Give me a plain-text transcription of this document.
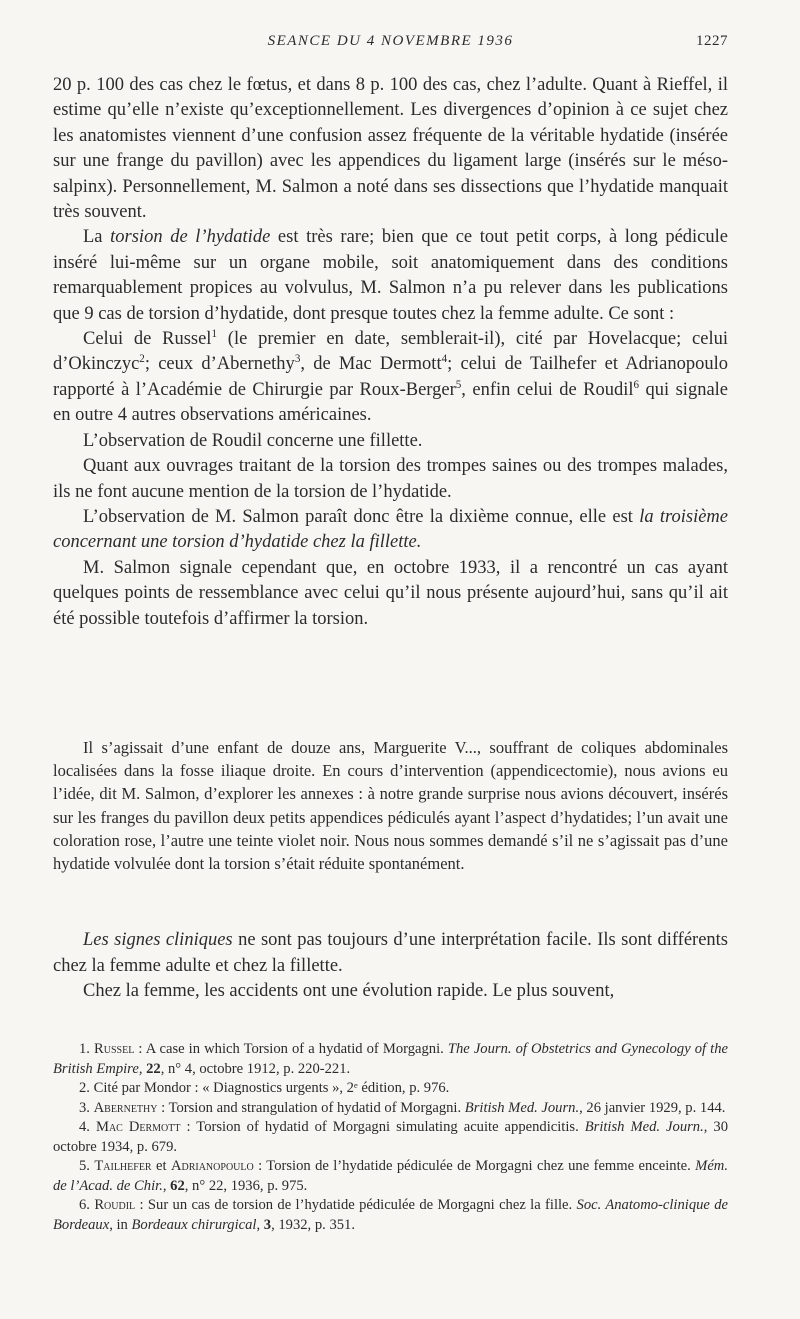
SEANCE DU 4 NOVEMBRE 1936	1227

20 p. 100 des cas chez le fœtus, et dans 8 p. 100 des cas, chez l’adulte. Quant à Rieffel, il estime qu’elle n’existe qu’exceptionnellement. Les divergences d’opinion à ce sujet chez les anatomistes viennent d’une confusion assez fréquente de la véritable hydatide (insérée sur une frange du pavillon) avec les appendices du ligament large (insérés sur le méso-salpinx). Personnellement, M. Salmon a noté dans ses dissections que l’hydatide manquait très souvent.

La torsion de l’hydatide est très rare; bien que ce tout petit corps, à long pédicule inséré lui-même sur un organe mobile, soit anatomiquement dans des conditions remarquablement propices au volvulus, M. Salmon n’a pu relever dans les publications que 9 cas de torsion d’hydatide, dont presque toutes chez la femme adulte. Ce sont :

Celui de Russel$^1$ (le premier en date, semblerait-il), cité par Hovelacque; celui d’Okinczyc$^2$; ceux d’Abernethy$^3$, de Mac Dermott$^4$; celui de Tailhefer et Adrianopoulo rapporté à l’Académie de Chirurgie par Roux-Berger$^5$, enfin celui de Roudil$^6$ qui signale en outre 4 autres observations américaines.

L’observation de Roudil concerne une fillette.

Quant aux ouvrages traitant de la torsion des trompes saines ou des trompes malades, ils ne font aucune mention de la torsion de l’hydatide.

L’observation de M. Salmon paraît donc être la dixième connue, elle est la troisième concernant une torsion d’hydatide chez la fillette.

M. Salmon signale cependant que, en octobre 1933, il a rencontré un cas ayant quelques points de ressemblance avec celui qu’il nous présente aujourd’hui, sans qu’il ait été possible toutefois d’affirmer la torsion.

Il s’agissait d’une enfant de douze ans, Marguerite V..., souffrant de coliques abdominales localisées dans la fosse iliaque droite. En cours d’intervention (appendicectomie), nous avions eu l’idée, dit M. Salmon, d’explorer les annexes : à notre grande surprise nous avions découvert, insérés sur les franges du pavillon deux petits appendices pédiculés ayant l’aspect d’hydatides; l’un avait une coloration rose, l’autre une teinte violet noir. Nous nous sommes demandé s’il ne s’agissait pas d’une hydatide volvulée dont la torsion s’était réduite spontanément.

Les signes cliniques ne sont pas toujours d’une interprétation facile. Ils sont différents chez la femme adulte et chez la fillette.

Chez la femme, les accidents ont une évolution rapide. Le plus souvent,

1. Russel : A case in which Torsion of a hydatid of Morgagni. The Journ. of Obstetrics and Gynecology of the British Empire, 22, n° 4, octobre 1912, p. 220-221.

2. Cité par Mondor : « Diagnostics urgents », 2ᵉ édition, p. 976.

3. Abernethy : Torsion and strangulation of hydatid of Morgagni. British Med. Journ., 26 janvier 1929, p. 144.

4. Mac Dermott : Torsion of hydatid of Morgagni simulating acuite appendicitis. British Med. Journ., 30 octobre 1934, p. 679.

5. Tailhefer et Adrianopoulo : Torsion de l’hydatide pédiculée de Morgagni chez une femme enceinte. Mém. de l’Acad. de Chir., 62, n° 22, 1936, p. 975.

6. Roudil : Sur un cas de torsion de l’hydatide pédiculée de Morgagni chez la fille. Soc. Anatomo-clinique de Bordeaux, in Bordeaux chirurgical, 3, 1932, p. 351.
